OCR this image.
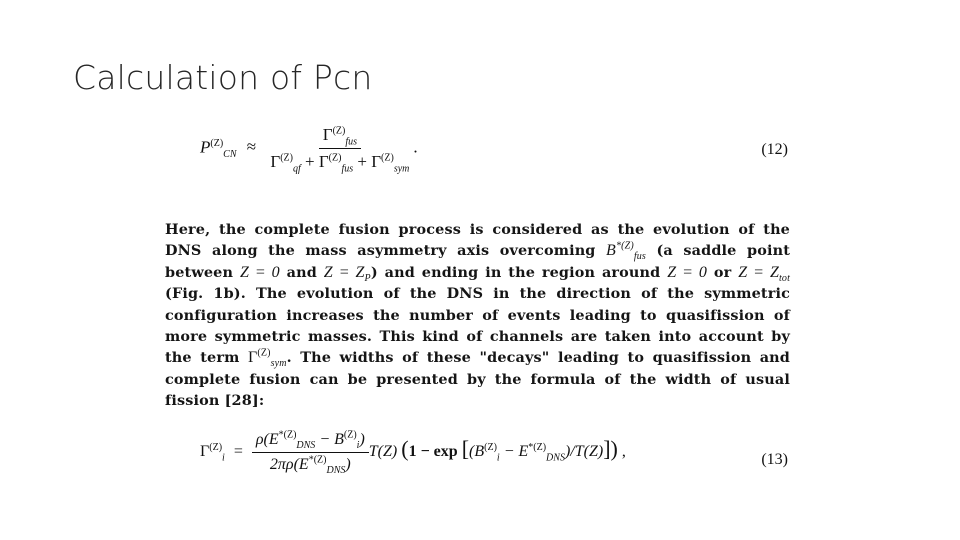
Calculation of Pcn
$P^{(Z)}_{CN}$ ≈
$\Gamma^{(Z)}_{fus}$
$\Gamma^{(Z)}_{qf} + \Gamma^{(Z)}_{fus} + \Gamma^{(Z)}_{sym}$
.	(12)
Here, the complete fusion process is considered as the evolution of the DNS along the mass asymmetry axis overcoming $B^{*(Z)}_{fus}$ (a saddle point between Z = 0 and $Z = Z_P$) and ending in the region around Z = 0 or $Z = Z_{tot}$ (Fig. 1b). The evolution of the DNS in the direction of the symmetric configuration increases the number of events leading to quasifission of more symmetric masses. This kind of channels are taken into account by the term $\Gamma^{(Z)}_{sym}$. The widths of these "decays" leading to quasifission and complete fusion can be presented by the formula of the width of usual fission [28]:
$\Gamma^{(Z)}_i = \frac{\rho(E^{*(Z)}_{DNS} - B^{(Z)}_i)}{2\pi\rho(E^{*(Z)}_{DNS})} T(Z) (1 - \exp [(B^{(Z)}_i - E^{*(Z)}_{DNS})/T(Z)])$ ,	(13)
